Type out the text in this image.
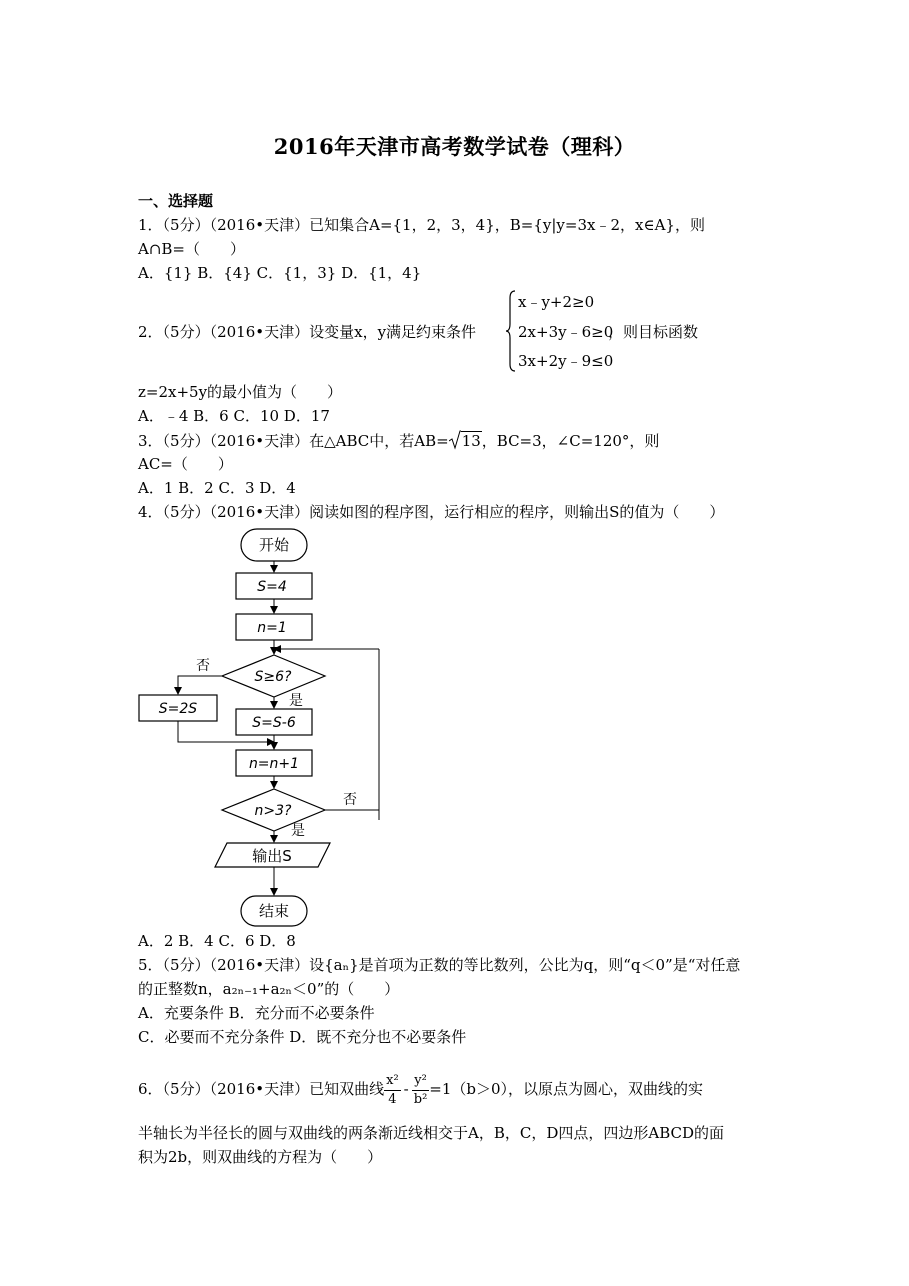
2016年天津市高考数学试卷（理科）
一、选择题
1．（5分）（2016•天津）已知集合A={1，2，3，4}，B={y|y=3x﹣2，x∈A}，则
A∩B=（　　）
A．{1} B．{4} C．{1，3} D．{1，4}
2．（5分）（2016•天津）设变量x，y满足约束条件
x﹣y+2≥0
2x+3y﹣6≥0
3x+2y﹣9≤0
，则目标函数
z=2x+5y的最小值为（　　）
A．﹣4 B．6 C．10 D．17
3．（5分）（2016•天津）在△ABC中，若AB= 13，BC=3，∠C=120°，则
AC=（　　）
A．1 B．2 C．3 D．4
4．（5分）（2016•天津）阅读如图的程序图，运行相应的程序，则输出S的值为（　　）
开始
S=4
n=1
S≥6?
否
是
S=2S
S=S-6
n=n+1
n>3?
否
是
输出S
结束
A．2 B．4 C．6 D．8
5．（5分）（2016•天津）设{aₙ}是首项为正数的等比数列，公比为q，则“q＜0”是“对任意
的正整数n，a₂ₙ₋₁+a₂ₙ＜0”的（　　）
A．充要条件 B．充分而不必要条件
C．必要而不充分条件 D．既不充分也不必要条件
6．（5分）（2016•天津）已知双曲线 $\frac{\text{x²}}{4} - \frac{\text{y²}}{\text{b²}} =1(b>0)$，以原点为圆心，双曲线的实
半轴长为半径长的圆与双曲线的两条渐近线相交于A，B，C，D四点，四边形ABCD的面
积为2b，则双曲线的方程为（　　）
